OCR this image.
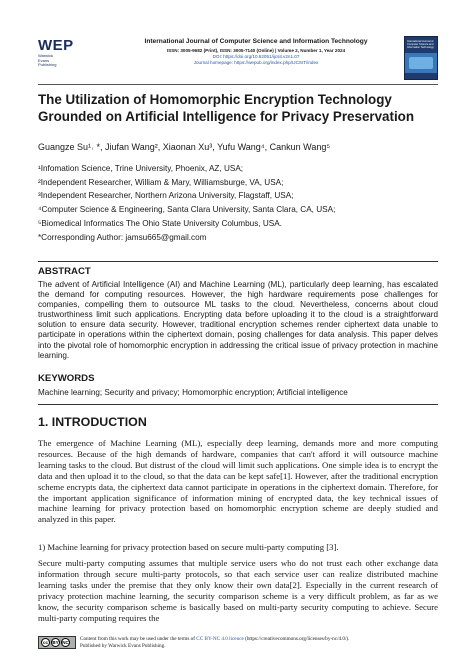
WEP
Warwick
Evans
Publishing
International Journal of Computer Science and Information Technology
ISSN: 3005-9682 (Print), ISSN: 3005-7140 (Online) | Volume 2, Number 1, Year 2024
DOI: https://doi.org/10.62051/ijcsit.v2n1.07
Journal homepage: https://wepub.org/index.php/IJCSIT/index
International Journal of Computer Science and Information Technology
The Utilization of Homomorphic Encryption Technology Grounded on Artificial Intelligence for Privacy Preservation
Guangze Su¹˒ *, Jiufan Wang², Xiaonan Xu³, Yufu Wang⁴, Cankun Wang⁵
¹Infomation Science, Trine University, Phoenix, AZ, USA;
²Independent Researcher, William & Mary, Williamsburge, VA, USA;
³Independent Researcher, Northern Arizona University, Flagstaff, USA;
⁴Computer Science & Engineering, Santa Clara University, Santa Clara, CA, USA;
⁵Biomedical Informatics The Ohio State University Columbus, USA.
*Corresponding Author: jamsu665@gmail.com
ABSTRACT
The advent of Artificial Intelligence (AI) and Machine Learning (ML), particularly deep learning, has escalated the demand for computing resources. However, the high hardware requirements pose challenges for companies, compelling them to outsource ML tasks to the cloud. Nevertheless, concerns about cloud trustworthiness limit such applications. Encrypting data before uploading it to the cloud is a straightforward solution to ensure data security. However, traditional encryption schemes render ciphertext data unable to participate in operations within the ciphertext domain, posing challenges for data analysis. This paper delves into the pivotal role of homomorphic encryption in addressing the critical issue of privacy protection in machine learning.
KEYWORDS
Machine learning; Security and privacy; Homomorphic encryption; Artificial intelligence
1. INTRODUCTION
The emergence of Machine Learning (ML), especially deep learning, demands more and more computing resources. Because of the high demands of hardware, companies that can't afford it will outsource machine learning tasks to the cloud. But distrust of the cloud will limit such applications. One simple idea is to encrypt the data and then upload it to the cloud, so that the data can be kept safe[1]. However, after the traditional encryption scheme encrypts data, the ciphertext data cannot participate in operations in the ciphertext domain. Therefore, for the important application significance of information mining of encrypted data, the key technical issues of machine learning for privacy protection based on homomorphic encryption scheme are deeply studied and analyzed in this paper.
1) Machine learning for privacy protection based on secure multi-party computing [3].
Secure multi-party computing assumes that multiple service users who do not trust each other exchange data information through secure multi-party protocols, so that each service user can realize distributed machine learning tasks under the premise that they only know their own data[2]. Especially in the current research of privacy protection machine learning, the security comparison scheme is a very difficult problem, as far as we know, the security comparison scheme is basically based on multi-party security computing to achieve. Secure multi-party computing requires the
cc BY NC
Content from this work may be used under the terms of CC BY-NC 4.0 licence (https://creativecommons.org/licenses/by-nc/4.0/).
Published by Warwick Evans Publishing.
